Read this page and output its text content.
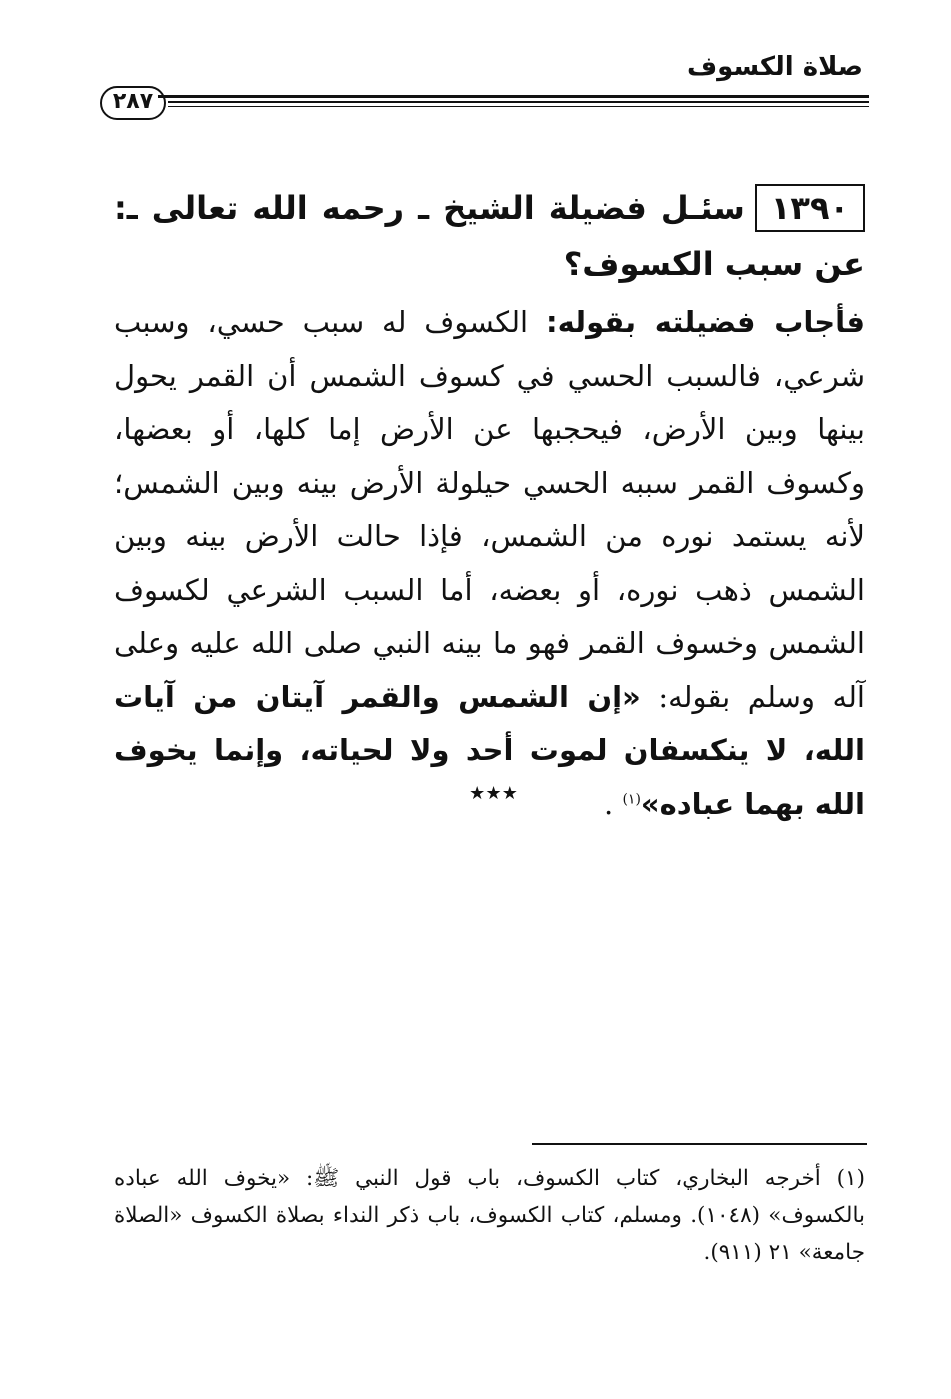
صلاة الكسوف
٢٨٧
١٣٩٠سئـل فضيلة الشيخ ـ رحمه الله تعالى ـ: عن سبب الكسوف؟
فأجاب فضيلته بقوله: الكسوف له سبب حسي، وسبب شرعي، فالسبب الحسي في كسوف الشمس أن القمر يحول بينها وبين الأرض، فيحجبها عن الأرض إما كلها، أو بعضها، وكسوف القمر سببه الحسي حيلولة الأرض بينه وبين الشمس؛ لأنه يستمد نوره من الشمس، فإذا حالت الأرض بينه وبين الشمس ذهب نوره، أو بعضه، أما السبب الشرعي لكسوف الشمس وخسوف القمر فهو ما بينه النبي صلى الله عليه وعلى آله وسلم بقوله: «إن الشمس والقمر آيتان من آيات الله، لا ينكسفان لموت أحد ولا لحياته، وإنما يخوف الله بهما عباده»$^{(١)}$ .
٭٭٭

(١) أخرجه البخاري، كتاب الكسوف، باب قول النبي ﷺ: «يخوف الله عباده بالكسوف» (١٠٤٨). ومسلم، كتاب الكسوف، باب ذكر النداء بصلاة الكسوف «الصلاة جامعة» ٢١ (٩١١).
